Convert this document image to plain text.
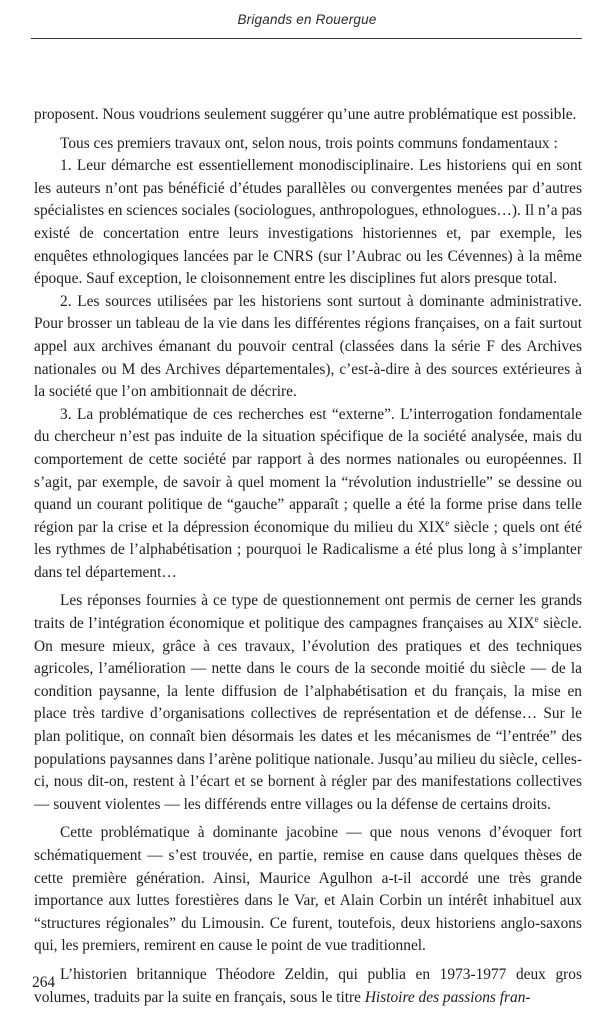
Brigands en Rouergue

proposent. Nous voudrions seulement suggérer qu’une autre problématique est possible.

Tous ces premiers travaux ont, selon nous, trois points communs fondamentaux :

1. Leur démarche est essentiellement monodisciplinaire. Les historiens qui en sont les auteurs n’ont pas bénéficié d’études parallèles ou convergentes menées par d’autres spécialistes en sciences sociales (sociologues, anthropologues, ethnologues…). Il n’a pas existé de concertation entre leurs investigations historiennes et, par exemple, les enquêtes ethnologiques lancées par le CNRS (sur l’Aubrac ou les Cévennes) à la même époque. Sauf exception, le cloisonnement entre les disciplines fut alors presque total.

2. Les sources utilisées par les historiens sont surtout à dominante administrative. Pour brosser un tableau de la vie dans les différentes régions françaises, on a fait surtout appel aux archives émanant du pouvoir central (classées dans la série F des Archives nationales ou M des Archives départementales), c’est-à-dire à des sources extérieures à la société que l’on ambitionnait de décrire.

3. La problématique de ces recherches est “externe”. L’interrogation fondamentale du chercheur n’est pas induite de la situation spécifique de la société analysée, mais du comportement de cette société par rapport à des normes nationales ou européennes. Il s’agit, par exemple, de savoir à quel moment la “révolution industrielle” se dessine ou quand un courant politique de “gauche” apparaît ; quelle a été la forme prise dans telle région par la crise et la dépression économique du milieu du XIXe siècle ; quels ont été les rythmes de l’alphabétisation ; pourquoi le Radicalisme a été plus long à s’implanter dans tel département…

Les réponses fournies à ce type de questionnement ont permis de cerner les grands traits de l’intégration économique et politique des campagnes françaises au XIXe siècle. On mesure mieux, grâce à ces travaux, l’évolution des pratiques et des techniques agricoles, l’amélioration — nette dans le cours de la seconde moitié du siècle — de la condition paysanne, la lente diffusion de l’alphabétisation et du français, la mise en place très tardive d’organisations collectives de représentation et de défense… Sur le plan politique, on connaît bien désormais les dates et les mécanismes de “l’entrée” des populations paysannes dans l’arène politique nationale. Jusqu’au milieu du siècle, celles-ci, nous dit-on, restent à l’écart et se bornent à régler par des manifestations collectives — souvent violentes — les différends entre villages ou la défense de certains droits.

Cette problématique à dominante jacobine — que nous venons d’évoquer fort schématiquement — s’est trouvée, en partie, remise en cause dans quelques thèses de cette première génération. Ainsi, Maurice Agulhon a-t-il accordé une très grande importance aux luttes forestières dans le Var, et Alain Corbin un intérêt inhabituel aux “structures régionales” du Limousin. Ce furent, toutefois, deux historiens anglo-saxons qui, les premiers, remirent en cause le point de vue traditionnel.

L’historien britannique Théodore Zeldin, qui publia en 1973-1977 deux gros volumes, traduits par la suite en français, sous le titre Histoire des passions fran-

264
